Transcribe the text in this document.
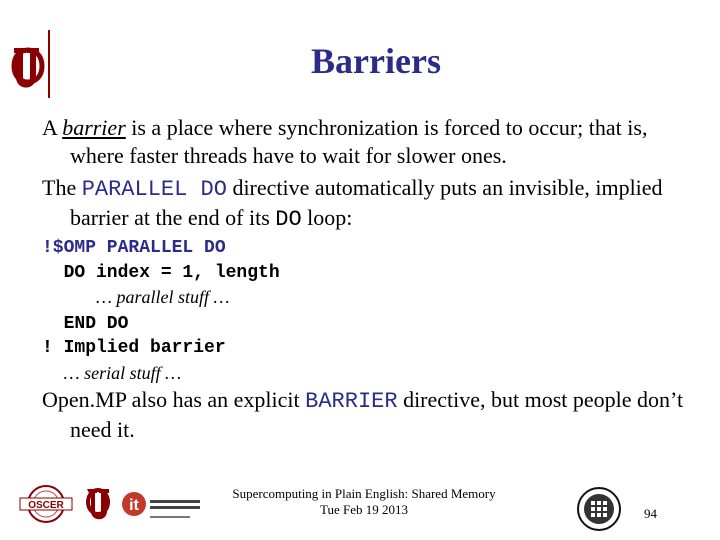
Barriers

A barrier is a place where synchronization is forced to occur; that is, where faster threads have to wait for slower ones.

The PARALLEL DO directive automatically puts an invisible, implied barrier at the end of its DO loop:

!$OMP PARALLEL DO
DO index = 1, length
… parallel stuff …
END DO
! Implied barrier
… serial stuff …

Open.MP also has an explicit BARRIER directive, but most people don’t need it.

OSCER	it
Supercomputing in Plain English: Shared Memory
Tue Feb 19 2013	94
